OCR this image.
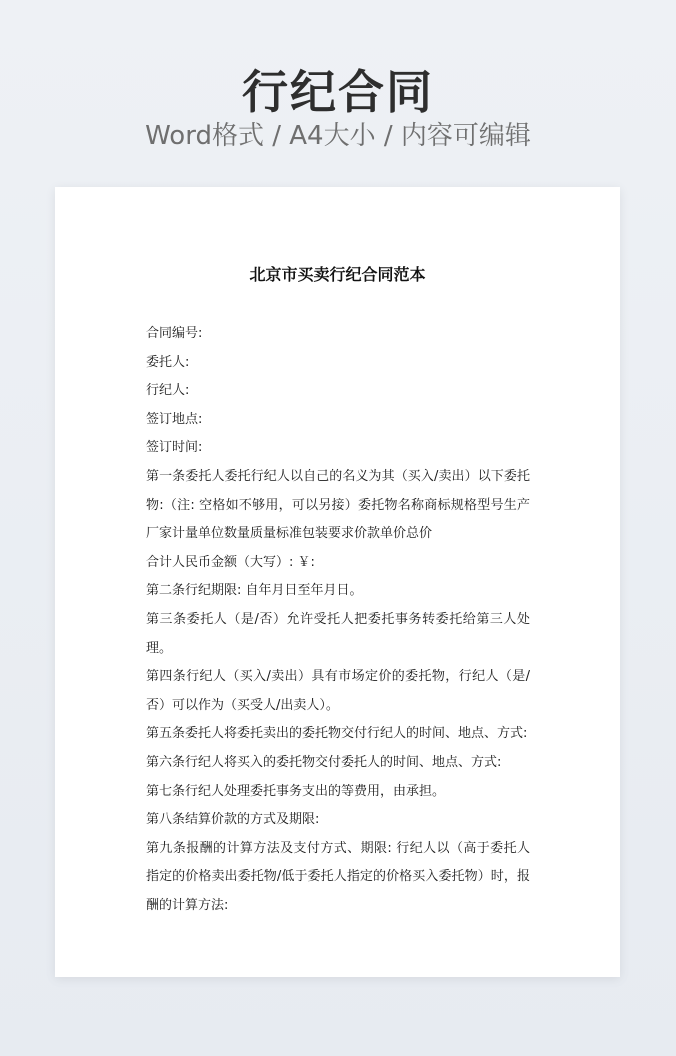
行纪合同
Word格式 / A4大小 / 内容可编辑
北京市买卖行纪合同范本

合同编号:

委托人:

行纪人:

签订地点:

签订时间:

第一条委托人委托行纪人以自己的名义为其（买入/卖出）以下委托物:（注: 空格如不够用，可以另接）委托物名称商标规格型号生产厂家计量单位数量质量标准包装要求价款单价总价

合计人民币金额（大写）: ￥:

第二条行纪期限: 自年月日至年月日。

第三条委托人（是/否）允许受托人把委托事务转委托给第三人处理。

第四条行纪人（买入/卖出）具有市场定价的委托物，行纪人（是/否）可以作为（买受人/出卖人）。

第五条委托人将委托卖出的委托物交付行纪人的时间、地点、方式:

第六条行纪人将买入的委托物交付委托人的时间、地点、方式:

第七条行纪人处理委托事务支出的等费用，由承担。

第八条结算价款的方式及期限:

第九条报酬的计算方法及支付方式、期限: 行纪人以（高于委托人指定的价格卖出委托物/低于委托人指定的价格买入委托物）时，报酬的计算方法:
